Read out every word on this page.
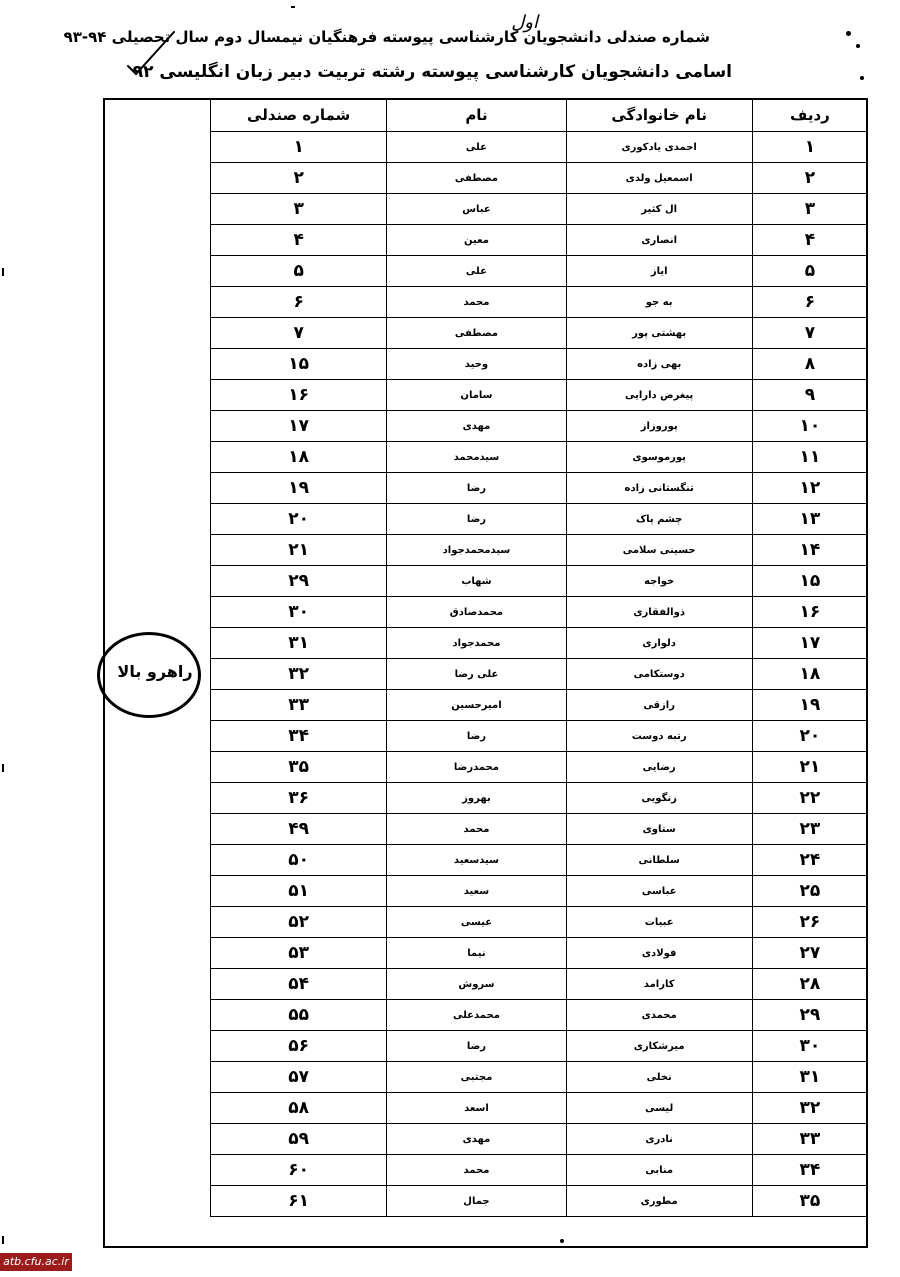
شماره صندلی دانشجویان کارشناسی پیوسته فرهنگیان نیمسال دوم سال تحصیلی ۹۴-۹۳
اول
اسامی دانشجویان کارشناسی پیوسته رشته تربیت دبیر زبان انگلیسی ۹۲
ردیف	نام خانوادگی	نام	شماره صندلی
۱	احمدی یادکوری	علی	۱
۲	اسمعیل ولدی	مصطفی	۲
۳	ال کثیر	عباس	۳
۴	انصاری	معین	۴
۵	ایاز	علی	۵
۶	به جو	محمد	۶
۷	بهشتی پور	مصطفی	۷
۸	بهی زاده	وحید	۱۵
۹	پیغرض دارایی	سامان	۱۶
۱۰	پوروزاز	مهدی	۱۷
۱۱	پورموسوی	سیدمحمد	۱۸
۱۲	تنگستانی زاده	رضا	۱۹
۱۳	چشم پاک	رضا	۲۰
۱۴	حسینی سلامی	سیدمحمدجواد	۲۱
۱۵	خواجه	شهاب	۲۹
۱۶	ذوالفقاری	محمدصادق	۳۰
۱۷	دلواری	محمدجواد	۳۱
۱۸	دوستکامی	علی رضا	۳۲
۱۹	رازقی	امیرحسین	۳۳
۲۰	رتبه دوست	رضا	۳۴
۲۱	رضایی	محمدرضا	۳۵
۲۲	زنگویی	بهروز	۳۶
۲۳	ستاوی	محمد	۴۹
۲۴	سلطانی	سیدسعید	۵۰
۲۵	عباسی	سعید	۵۱
۲۶	عبیات	عیسی	۵۲
۲۷	فولادی	نیما	۵۳
۲۸	کارامد	سروش	۵۴
۲۹	محمدی	محمدعلی	۵۵
۳۰	میرشکاری	رضا	۵۶
۳۱	نخلی	مجتبی	۵۷
۳۲	لیسی	اسعد	۵۸
۳۳	نادری	مهدی	۵۹
۳۴	منابی	محمد	۶۰
۳۵	مطوری	جمال	۶۱
راهرو بالا
atb.cfu.ac.ir
